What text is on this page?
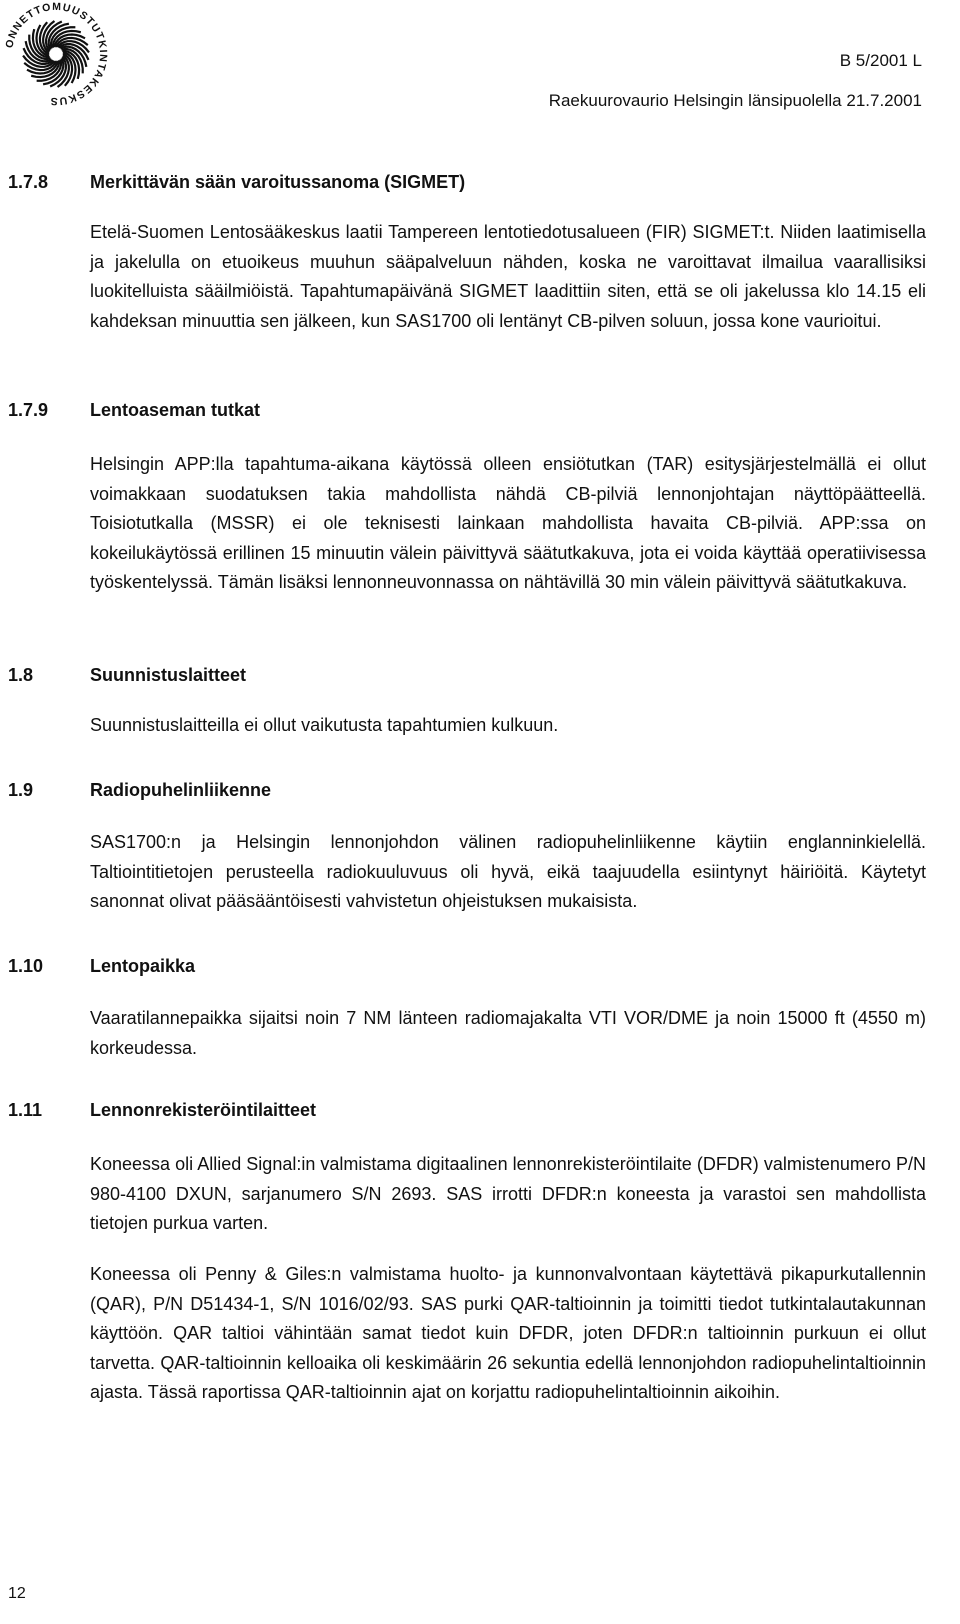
ONNETTOMUUSTUTKINTAKESKUS
B 5/2001 L
Raekuurovaurio Helsingin länsipuolella 21.7.2001
1.7.8 Merkittävän sään varoitussanoma (SIGMET)
Etelä-Suomen Lentosääkeskus laatii Tampereen lentotiedotusalueen (FIR) SIGMET:t. Niiden laatimisella ja jakelulla on etuoikeus muuhun sääpalveluun nähden, koska ne varoittavat ilmailua vaarallisiksi luokitelluista sääilmiöistä. Tapahtumapäivänä SIGMET laadittiin siten, että se oli jakelussa klo 14.15 eli kahdeksan minuuttia sen jälkeen, kun SAS1700 oli lentänyt CB-pilven soluun, jossa kone vaurioitui.
1.7.9 Lentoaseman tutkat
Helsingin APP:lla tapahtuma-aikana käytössä olleen ensiötutkan (TAR) esitysjärjestelmällä ei ollut voimakkaan suodatuksen takia mahdollista nähdä CB-pilviä lennonjohtajan näyttöpäätteellä. Toisiotutkalla (MSSR) ei ole teknisesti lainkaan mahdollista havaita CB-pilviä. APP:ssa on kokeilukäytössä erillinen 15 minuutin välein päivittyvä säätutkakuva, jota ei voida käyttää operatiivisessa työskentelyssä. Tämän lisäksi lennonneuvonnassa on nähtävillä 30 min välein päivittyvä säätutkakuva.
1.8	Suunnistuslaitteet
Suunnistuslaitteilla ei ollut vaikutusta tapahtumien kulkuun.
1.9	Radiopuhelinliikenne
SAS1700:n ja Helsingin lennonjohdon välinen radiopuhelinliikenne käytiin englanninkielellä. Taltiointitietojen perusteella radiokuuluvuus oli hyvä, eikä taajuudella esiintynyt häiriöitä. Käytetyt sanonnat olivat pääsääntöisesti vahvistetun ohjeistuksen mukaisista.
1.10	Lentopaikka
Vaaratilannepaikka sijaitsi noin 7 NM länteen radiomajakalta VTI VOR/DME ja noin 15000 ft (4550 m) korkeudessa.
1.11	Lennonrekisteröintilaitteet
Koneessa oli Allied Signal:in valmistama digitaalinen lennonrekisteröintilaite (DFDR) valmistenumero P/N 980-4100 DXUN, sarjanumero S/N 2693. SAS irrotti DFDR:n koneesta ja varastoi sen mahdollista tietojen purkua varten.
Koneessa oli Penny & Giles:n valmistama huolto- ja kunnonvalvontaan käytettävä pikapurkutallennin (QAR), P/N D51434-1, S/N 1016/02/93. SAS purki QAR-taltioinnin ja toimitti tiedot tutkintalautakunnan käyttöön. QAR taltioi vähintään samat tiedot kuin DFDR, joten DFDR:n taltioinnin purkuun ei ollut tarvetta. QAR-taltioinnin kelloaika oli keskimäärin 26 sekuntia edellä lennonjohdon radiopuhelintaltioinnin ajasta. Tässä raportissa QAR-taltioinnin ajat on korjattu radiopuhelintaltioinnin aikoihin.
12
